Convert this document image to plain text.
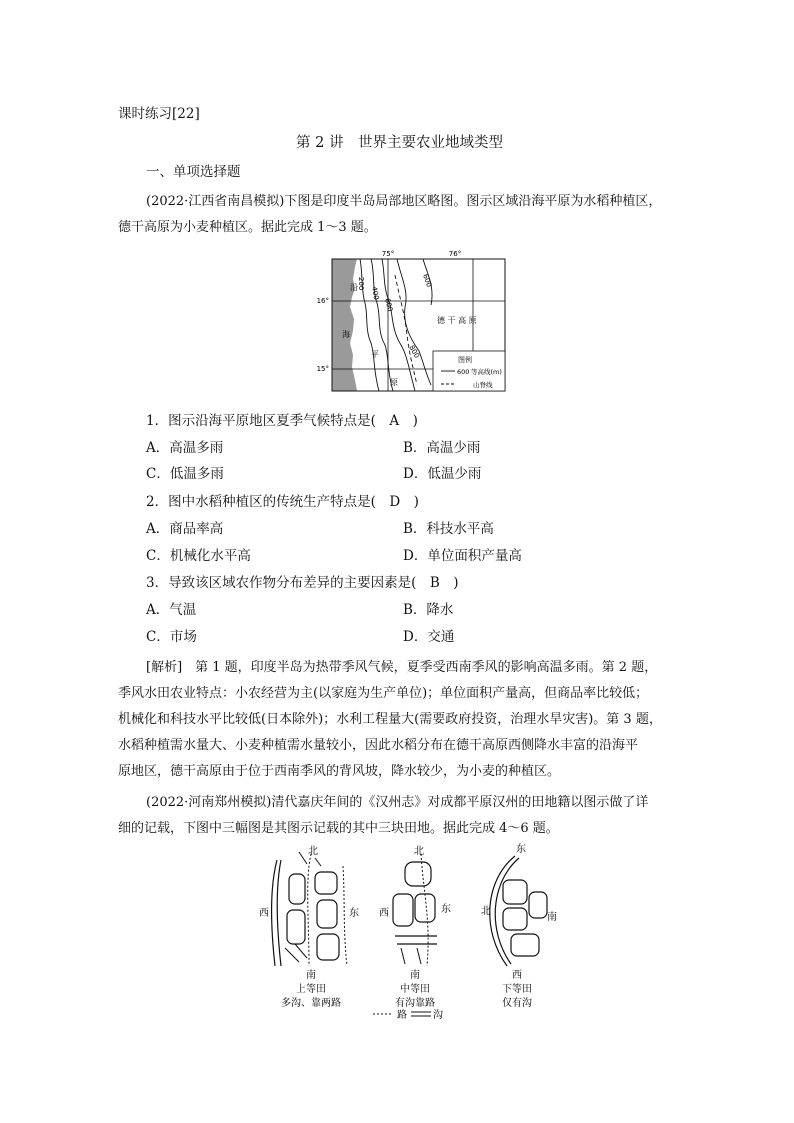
课时练习[22]
第 2 讲　世界主要农业地域类型
一、单项选择题
(2022·江西省南昌模拟)下图是印度半岛局部地区略图。图示区域沿海平原为水稻种植区，
德干高原为小麦种植区。据此完成 1～3 题。
图例
600 等高线(m)
山脊线
75°	76°
16°
15°
200
400
600
800
600
沿
海
平
原
德 干 高 原
1．图示沿海平原地区夏季气候特点是(　A　)
A．高温多雨	B．高温少雨
C．低温多雨	D．低温少雨
2．图中水稻种植区的传统生产特点是(　D　)
A．商品率高	B．科技水平高
C．机械化水平高	D．单位面积产量高
3．导致该区域农作物分布差异的主要因素是(　B　)
A．气温	B．降水
C．市场	D．交通
[解析]　第 1 题，印度半岛为热带季风气候，夏季受西南季风的影响高温多雨。第 2 题，
季风水田农业特点：小农经营为主(以家庭为生产单位)；单位面积产量高，但商品率比较低；
机械化和科技水平比较低(日本除外)；水利工程量大(需要政府投资，治理水旱灾害)。第 3 题，
水稻种植需水量大、小麦种植需水量较小，因此水稻分布在德干高原西侧降水丰富的沿海平
原地区，德干高原由于位于西南季风的背风坡，降水较少，为小麦的种植区。
(2022·河南郑州模拟)清代嘉庆年间的《汉州志》对成都平原汉州的田地籍以图示做了详
细的记载，下图中三幅图是其图示记载的其中三块田地。据此完成 4～6 题。
北
西	东
南
上等田
多沟、靠两路
北
西	东
南
中等田
有沟靠路
东
北
南
西
下等田
仅有沟
路	沟
